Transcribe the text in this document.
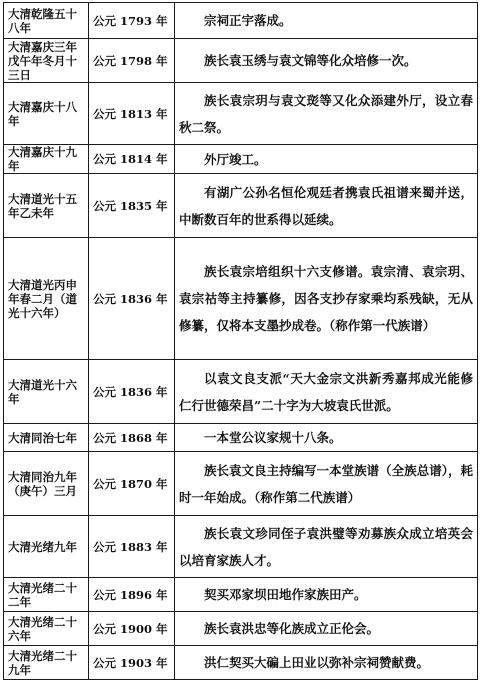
大清乾隆五十八年	公元 1793 年	宗祠正宇落成。

大清嘉庆三年戊午年冬月十三日	公元 1798 年	族长袁玉绣与袁文锦等化众培修一次。

大清嘉庆十八年	公元 1813 年	族长袁宗玥与袁文珳等又化众添建外厅，设立春秋二祭。

大清嘉庆十九年	公元 1814 年	外厅竣工。

大清道光十五年乙未年	公元 1835 年	有湖广公孙名恒伦观廷者携袁氏祖谱来蜀并送，中断数百年的世系得以延续。

大清道光丙申年春二月（道光十六年）	公元 1836 年	族长袁宗培组织十六支修谱。袁宗清、袁宗玥、袁宗祜等主持纂修，因各支抄存家乘均系残缺，无从修纂，仅将本支墨抄成卷。（称作第一代族谱）

大清道光十六年	公元 1836 年	以袁文良支派“天大金宗文洪新秀嘉邦成光能修仁行世德荣昌”二十字为大坡袁氏世派。

大清同治七年	公元 1868 年	一本堂公议家规十八条。

大清同治九年（庚午）三月	公元 1870 年	族长袁文良主持编写一本堂族谱（全族总谱），耗时一年始成。（称作第二代族谱）

大清光绪九年	公元 1883 年	族长袁文珍同侄子袁洪璧等劝募族众成立培英会以培育家族人才。

大清光绪二十二年	公元 1896 年	契买邓家坝田地作家族田产。

大清光绪二十六年	公元 1900 年	族长袁洪忠等化族成立正伦会。

大清光绪二十九年	公元 1903 年	洪仁契买大碥上田业以弥补宗祠赞献费。
